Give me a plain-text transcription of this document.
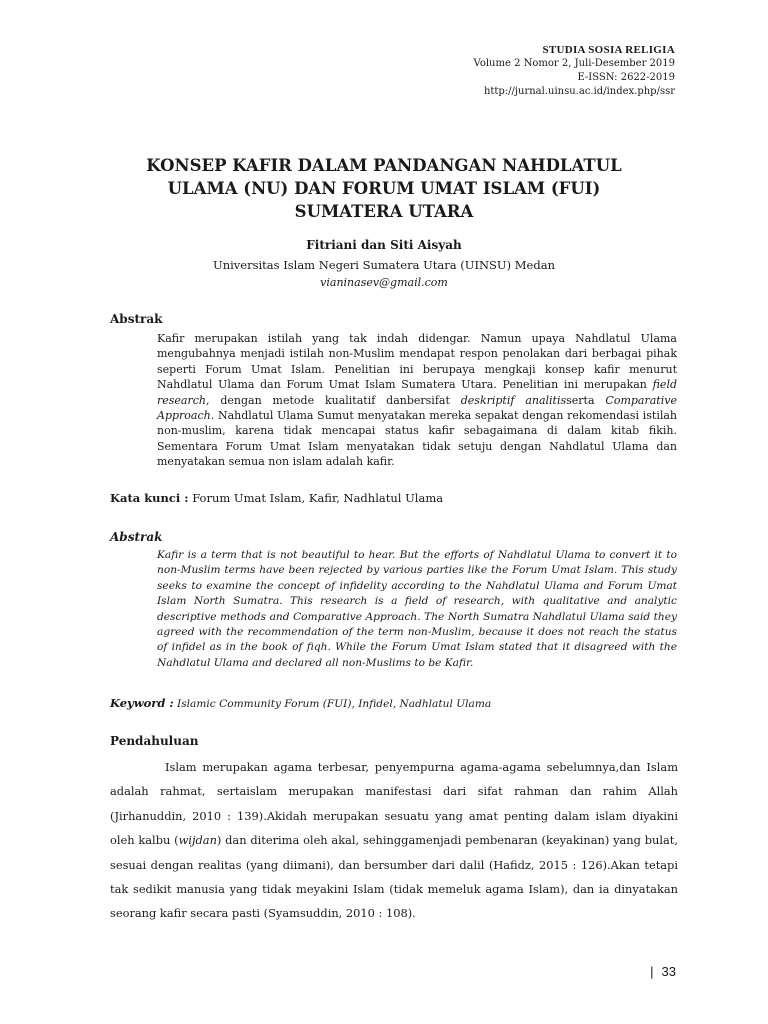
STUDIA SOSIA RELIGIA
Volume 2 Nomor 2, Juli-Desember 2019
E-ISSN: 2622-2019
http://jurnal.uinsu.ac.id/index.php/ssr
KONSEP KAFIR DALAM PANDANGAN NAHDLATUL
ULAMA (NU) DAN FORUM UMAT ISLAM (FUI)
SUMATERA UTARA
Fitriani dan Siti Aisyah
Universitas Islam Negeri Sumatera Utara (UINSU) Medan
vianinasev@gmail.com
Abstrak
Kafir merupakan istilah yang tak indah didengar. Namun upaya Nahdlatul Ulama mengubahnya menjadi istilah non-Muslim mendapat respon penolakan dari berbagai pihak seperti Forum Umat Islam. Penelitian ini berupaya mengkaji konsep kafir menurut Nahdlatul Ulama dan Forum Umat Islam Sumatera Utara. Penelitian ini merupakan field research, dengan metode kualitatif danbersifat deskriptif analitisserta Comparative Approach. Nahdlatul Ulama Sumut menyatakan mereka sepakat dengan rekomendasi istilah non-muslim, karena tidak mencapai status kafir sebagaimana di dalam kitab fikih. Sementara Forum Umat Islam menyatakan tidak setuju dengan Nahdlatul Ulama dan menyatakan semua non islam adalah kafir.
Kata kunci : Forum Umat Islam, Kafir, Nadhlatul Ulama
Abstrak
Kafir is a term that is not beautiful to hear. But the efforts of Nahdlatul Ulama to convert it to non-Muslim terms have been rejected by various parties like the Forum Umat Islam. This study seeks to examine the concept of infidelity according to the Nahdlatul Ulama and Forum Umat Islam North Sumatra. This research is a field of research, with qualitative and analytic descriptive methods and Comparative Approach. The North Sumatra Nahdlatul Ulama said they agreed with the recommendation of the term non-Muslim, because it does not reach the status of infidel as in the book of fiqh. While the Forum Umat Islam stated that it disagreed with the Nahdlatul Ulama and declared all non-Muslims to be Kafir.
Keyword : Islamic Community Forum (FUI), Infidel, Nadhlatul Ulama
Pendahuluan
Islam merupakan agama terbesar, penyempurna agama-agama sebelumnya,dan Islam adalah rahmat, sertaislam merupakan manifestasi dari sifat rahman dan rahim Allah (Jirhanuddin, 2010 : 139).Akidah merupakan sesuatu yang amat penting dalam islam diyakini oleh kalbu (wijdan) dan diterima oleh akal, sehinggamenjadi pembenaran (keyakinan) yang bulat, sesuai dengan realitas (yang diimani), dan bersumber dari dalil (Hafidz, 2015 : 126).Akan tetapi tak sedikit manusia yang tidak meyakini Islam (tidak memeluk agama Islam), dan ia dinyatakan seorang kafir secara pasti (Syamsuddin, 2010 : 108).
| 33
